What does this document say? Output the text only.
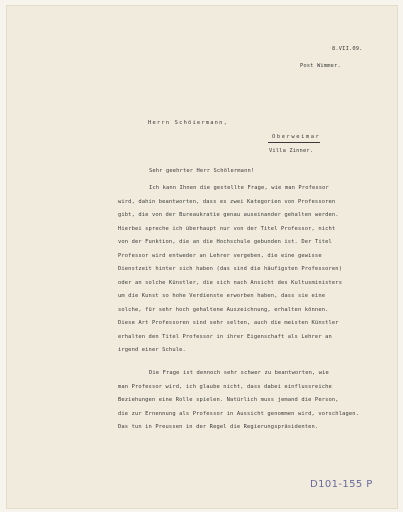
8.VII.09.
Post Wimmer.
Herrn Schöiermann,
Oberweimar
Villa Zinner.
Sehr geehrter Herr Schölermann!
Ich kann Ihnen die gestellte Frage, wie man Professor
wird, dahin beantworten, dass es zwei Kategorien von Professoren
gibt, die von der Bureaukratie genau auseinander gehalten werden.
Hierbei spreche ich überhaupt nur von der Titel Professor, nicht
von der Funktion, die an die Hochschule gebunden ist. Der Titel
Professor wird entweder an Lehrer vergeben, die eine gewisse
Dienstzeit hinter sich haben (das sind die häufigsten Professoren)
oder an solche Künstler, die sich nach Ansicht des Kultusministers
um die Kunst so hohe Verdienste erworben haben, dass sie eine
solche, für sehr hoch gehaltene Auszeichnung, erhalten können.
Diese Art Professoren sind sehr selten, auch die meisten Künstler
erhalten den Titel Professor in ihrer Eigenschaft als Lehrer an
irgend einer Schule.
Die Frage ist dennoch sehr schwer zu beantworten, wie
man Professor wird, ich glaube nicht, dass dabei einflussreiche
Beziehungen eine Rolle spielen. Natürlich muss jemand die Person,
die zur Ernennung als Professor in Aussicht genommen wird, vorschlagen.
Das tun in Preussen in der Regel die Regierungspräsidenten.
D101-155 P
